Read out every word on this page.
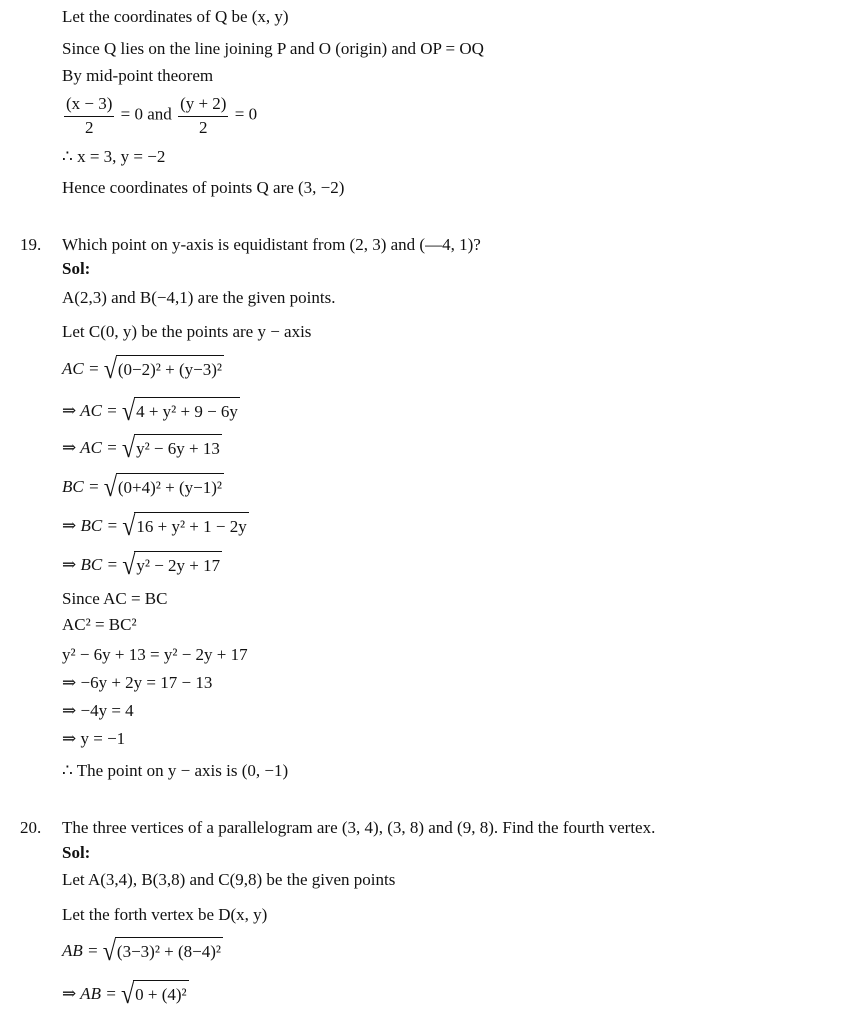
Let the coordinates of Q be (x, y)
Since Q lies on the line joining P and O (origin) and OP = OQ
By mid-point theorem
$\frac{(x - 3)}{2} = 0$ and $\frac{(y + 2)}{2} = 0$
∴ x = 3, y = −2
Hence coordinates of points Q are (3, −2)
19. Which point on y-axis is equidistant from (2, 3) and (—4, 1)?
Sol:
A(2,3) and B(−4,1) are the given points.
Let C(0, y) be the points are y − axis
AC = √ (0−2)² + (y−3)²
⇒ AC = √ 4 + y² + 9 − 6y
⇒ AC = √ y² − 6y + 13
BC = √ (0+4)² + (y−1)²
⇒ BC = √ 16 + y² + 1 − 2y
⇒ BC = √ y² − 2y + 17
Since AC = BC
AC² = BC²
y² − 6y + 13 = y² − 2y + 17
⇒ −6y + 2y = 17 − 13
⇒ −4y = 4
⇒ y = −1
∴ The point on y − axis is (0, −1)
20. The three vertices of a parallelogram are (3, 4), (3, 8) and (9, 8). Find the fourth vertex.
Sol:
Let A(3,4), B(3,8) and C(9,8) be the given points
Let the forth vertex be D(x, y)
AB = √ (3−3)² + (8−4)²
⇒ AB = √ 0 + (4)²
